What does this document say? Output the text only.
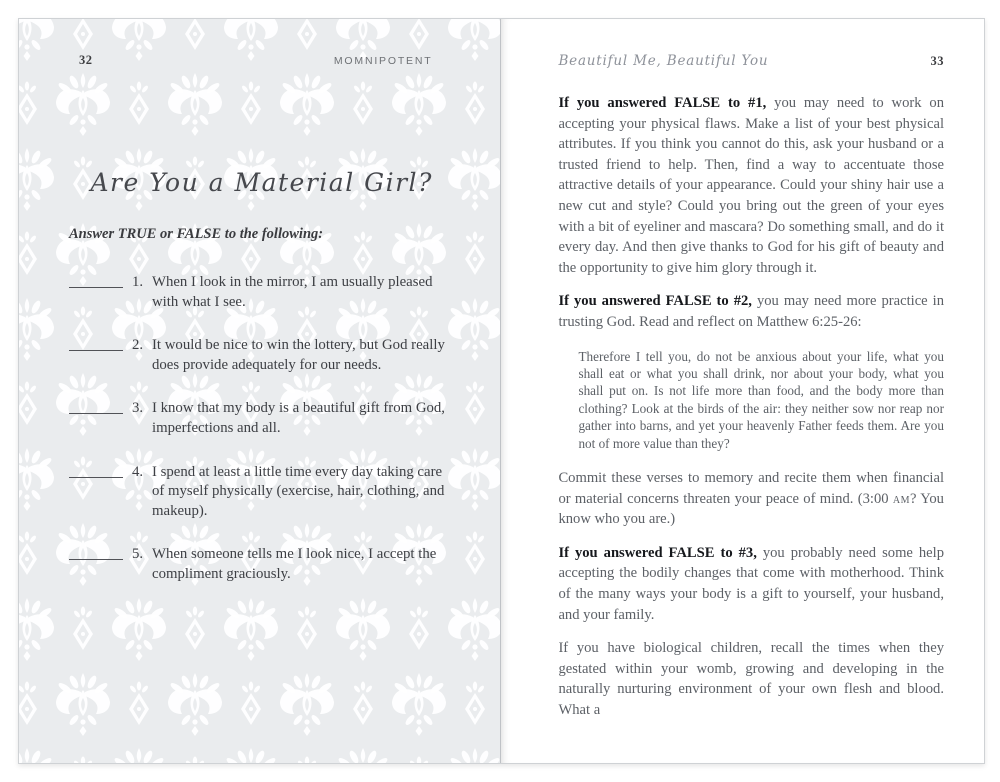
32	MOMNIPOTENT
Are You a Material Girl?
Answer TRUE or FALSE to the following:
1. When I look in the mirror, I am usually pleased with what I see.
2. It would be nice to win the lottery, but God really does provide adequately for our needs.
3. I know that my body is a beautiful gift from God, imperfections and all.
4. I spend at least a little time every day taking care of myself physically (exercise, hair, clothing, and makeup).
5. When someone tells me I look nice, I accept the compliment graciously.
Beautiful Me, Beautiful You	33

If you answered FALSE to #1, you may need to work on accepting your physical flaws. Make a list of your best physical attributes. If you think you cannot do this, ask your husband or a trusted friend to help. Then, find a way to accentuate those attractive details of your appearance. Could your shiny hair use a new cut and style? Could you bring out the green of your eyes with a bit of eyeliner and mascara? Do something small, and do it every day. And then give thanks to God for his gift of beauty and the opportunity to give him glory through it.

If you answered FALSE to #2, you may need more practice in trusting God. Read and reflect on Matthew 6:25-26:

Therefore I tell you, do not be anxious about your life, what you shall eat or what you shall drink, nor about your body, what you shall put on. Is not life more than food, and the body more than clothing? Look at the birds of the air: they neither sow nor reap nor gather into barns, and yet your heavenly Father feeds them. Are you not of more value than they?

Commit these verses to memory and recite them when financial or material concerns threaten your peace of mind. (3:00 am? You know who you are.)

If you answered FALSE to #3, you probably need some help accepting the bodily changes that come with motherhood. Think of the many ways your body is a gift to yourself, your husband, and your family.

If you have biological children, recall the times when they gestated within your womb, growing and developing in the naturally nurturing environment of your own flesh and blood. What a
